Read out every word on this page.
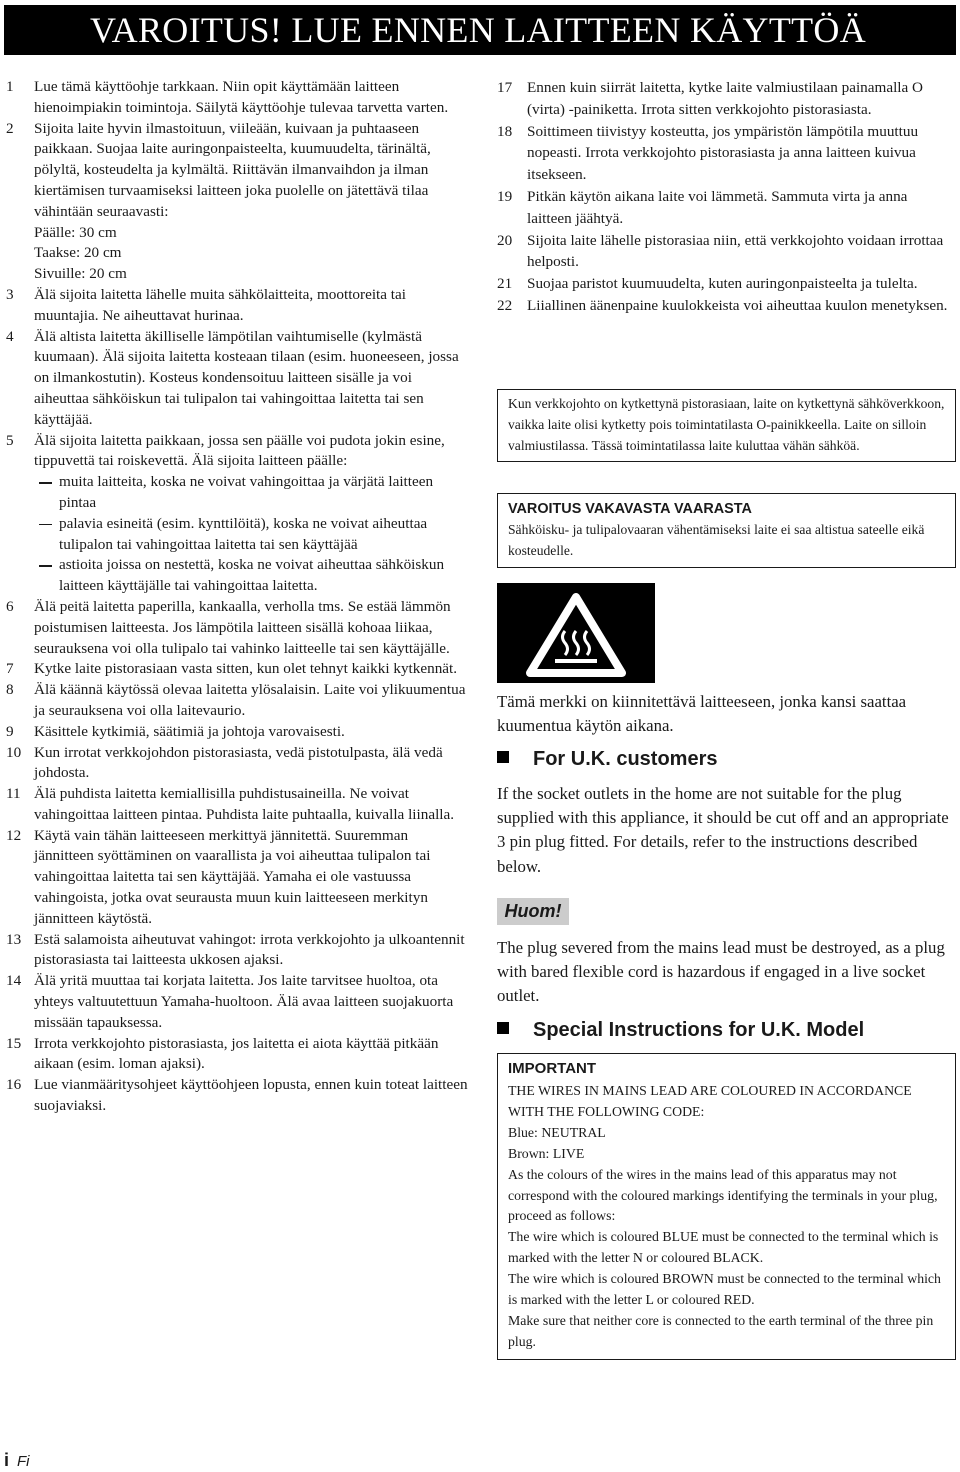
VAROITUS! LUE ENNEN LAITTEEN KÄYTTÖÄ
1 Lue tämä käyttöohje tarkkaan. Niin opit käyttämään laitteen hienoimpiakin toimintoja. Säilytä käyttöohje tulevaa tarvetta varten.
2 Sijoita laite hyvin ilmastoituun, viileään, kuivaan ja puhtaaseen paikkaan. Suojaa laite auringonpaisteelta, kuumuudelta, tärinältä, pölyltä, kosteudelta ja kylmältä. Riittävän ilmanvaihdon ja ilman kiertämisen turvaamiseksi laitteen joka puolelle on jätettävä tilaa vähintään seuraavasti:
Päälle: 30 cm
Taakse: 20 cm
Sivuille: 20 cm
3 Älä sijoita laitetta lähelle muita sähkölaitteita, moottoreita tai muuntajia. Ne aiheuttavat hurinaa.
4 Älä altista laitetta äkilliselle lämpötilan vaihtumiselle (kylmästä kuumaan). Älä sijoita laitetta kosteaan tilaan (esim. huoneeseen, jossa on ilmankostutin). Kosteus kondensoituu laitteen sisälle ja voi aiheuttaa sähköiskun tai tulipalon tai vahingoittaa laitetta tai sen käyttäjää.
5 Älä sijoita laitetta paikkaan, jossa sen päälle voi pudota jokin esine, tippuvettä tai roiskevettä. Älä sijoita laitteen päälle:
muita laitteita, koska ne voivat vahingoittaa ja värjätä laitteen pintaa
palavia esineitä (esim. kynttilöitä), koska ne voivat aiheuttaa tulipalon tai vahingoittaa laitetta tai sen käyttäjää
astioita joissa on nestettä, koska ne voivat aiheuttaa sähköiskun laitteen käyttäjälle tai vahingoittaa laitetta.
6 Älä peitä laitetta paperilla, kankaalla, verholla tms. Se estää lämmön poistumisen laitteesta. Jos lämpötila laitteen sisällä kohoaa liikaa, seurauksena voi olla tulipalo tai vahinko laitteelle tai sen käyttäjälle.
7 Kytke laite pistorasiaan vasta sitten, kun olet tehnyt kaikki kytkennät.
8 Älä käännä käytössä olevaa laitetta ylösalaisin. Laite voi ylikuumentua ja seurauksena voi olla laitevaurio.
9 Käsittele kytkimiä, säätimiä ja johtoja varovaisesti.
10 Kun irrotat verkkojohdon pistorasiasta, vedä pistotulpasta, älä vedä johdosta.
11 Älä puhdista laitetta kemiallisilla puhdistusaineilla. Ne voivat vahingoittaa laitteen pintaa. Puhdista laite puhtaalla, kuivalla liinalla.
12 Käytä vain tähän laitteeseen merkittyä jännitettä. Suuremman jännitteen syöttäminen on vaarallista ja voi aiheuttaa tulipalon tai vahingoittaa laitetta tai sen käyttäjää. Yamaha ei ole vastuussa vahingoista, jotka ovat seurausta muun kuin laitteeseen merkityn jännitteen käytöstä.
13 Estä salamoista aiheutuvat vahingot: irrota verkkojohto ja ulkoantennit pistorasiasta tai laitteesta ukkosen ajaksi.
14 Älä yritä muuttaa tai korjata laitetta. Jos laite tarvitsee huoltoa, ota yhteys valtuutettuun Yamaha-huoltoon. Älä avaa laitteen suojakuorta missään tapauksessa.
15 Irrota verkkojohto pistorasiasta, jos laitetta ei aiota käyttää pitkään aikaan (esim. loman ajaksi).
16 Lue vianmääritysohjeet käyttöohjeen lopusta, ennen kuin toteat laitteen suojaviaksi.
17 Ennen kuin siirrät laitetta, kytke laite valmiustilaan painamalla O (virta) -painiketta. Irrota sitten verkkojohto pistorasiasta.
18 Soittimeen tiivistyy kosteutta, jos ympäristön lämpötila muuttuu nopeasti. Irrota verkkojohto pistorasiasta ja anna laitteen kuivua itsekseen.
19 Pitkän käytön aikana laite voi lämmetä. Sammuta virta ja anna laitteen jäähtyä.
20 Sijoita laite lähelle pistorasiaa niin, että verkkojohto voidaan irrottaa helposti.
21 Suojaa paristot kuumuudelta, kuten auringonpaisteelta ja tulelta.
22 Liiallinen äänenpaine kuulokkeista voi aiheuttaa kuulon menetyksen.
Kun verkkojohto on kytkettynä pistorasiaan, laite on kytkettynä sähköverkkoon, vaikka laite olisi kytketty pois toimintatilasta O-painikkeella. Laite on silloin valmiustilassa. Tässä toimintatilassa laite kuluttaa vähän sähköä.
VAROITUS VAKAVASTA VAARASTA
Sähköisku- ja tulipalovaaran vähentämiseksi laite ei saa altistua sateelle eikä kosteudelle.
Tämä merkki on kiinnitettävä laitteeseen, jonka kansi saattaa kuumentua käytön aikana.
For U.K. customers
If the socket outlets in the home are not suitable for the plug supplied with this appliance, it should be cut off and an appropriate 3 pin plug fitted. For details, refer to the instructions described below.
Huom!
The plug severed from the mains lead must be destroyed, as a plug with bared flexible cord is hazardous if engaged in a live socket outlet.
Special Instructions for U.K. Model
IMPORTANT
THE WIRES IN MAINS LEAD ARE COLOURED IN ACCORDANCE WITH THE FOLLOWING CODE:
Blue: NEUTRAL
Brown: LIVE
As the colours of the wires in the mains lead of this apparatus may not correspond with the coloured markings identifying the terminals in your plug, proceed as follows:
The wire which is coloured BLUE must be connected to the terminal which is marked with the letter N or coloured BLACK.
The wire which is coloured BROWN must be connected to the terminal which is marked with the letter L or coloured RED.
Make sure that neither core is connected to the earth terminal of the three pin plug.
i Fi
